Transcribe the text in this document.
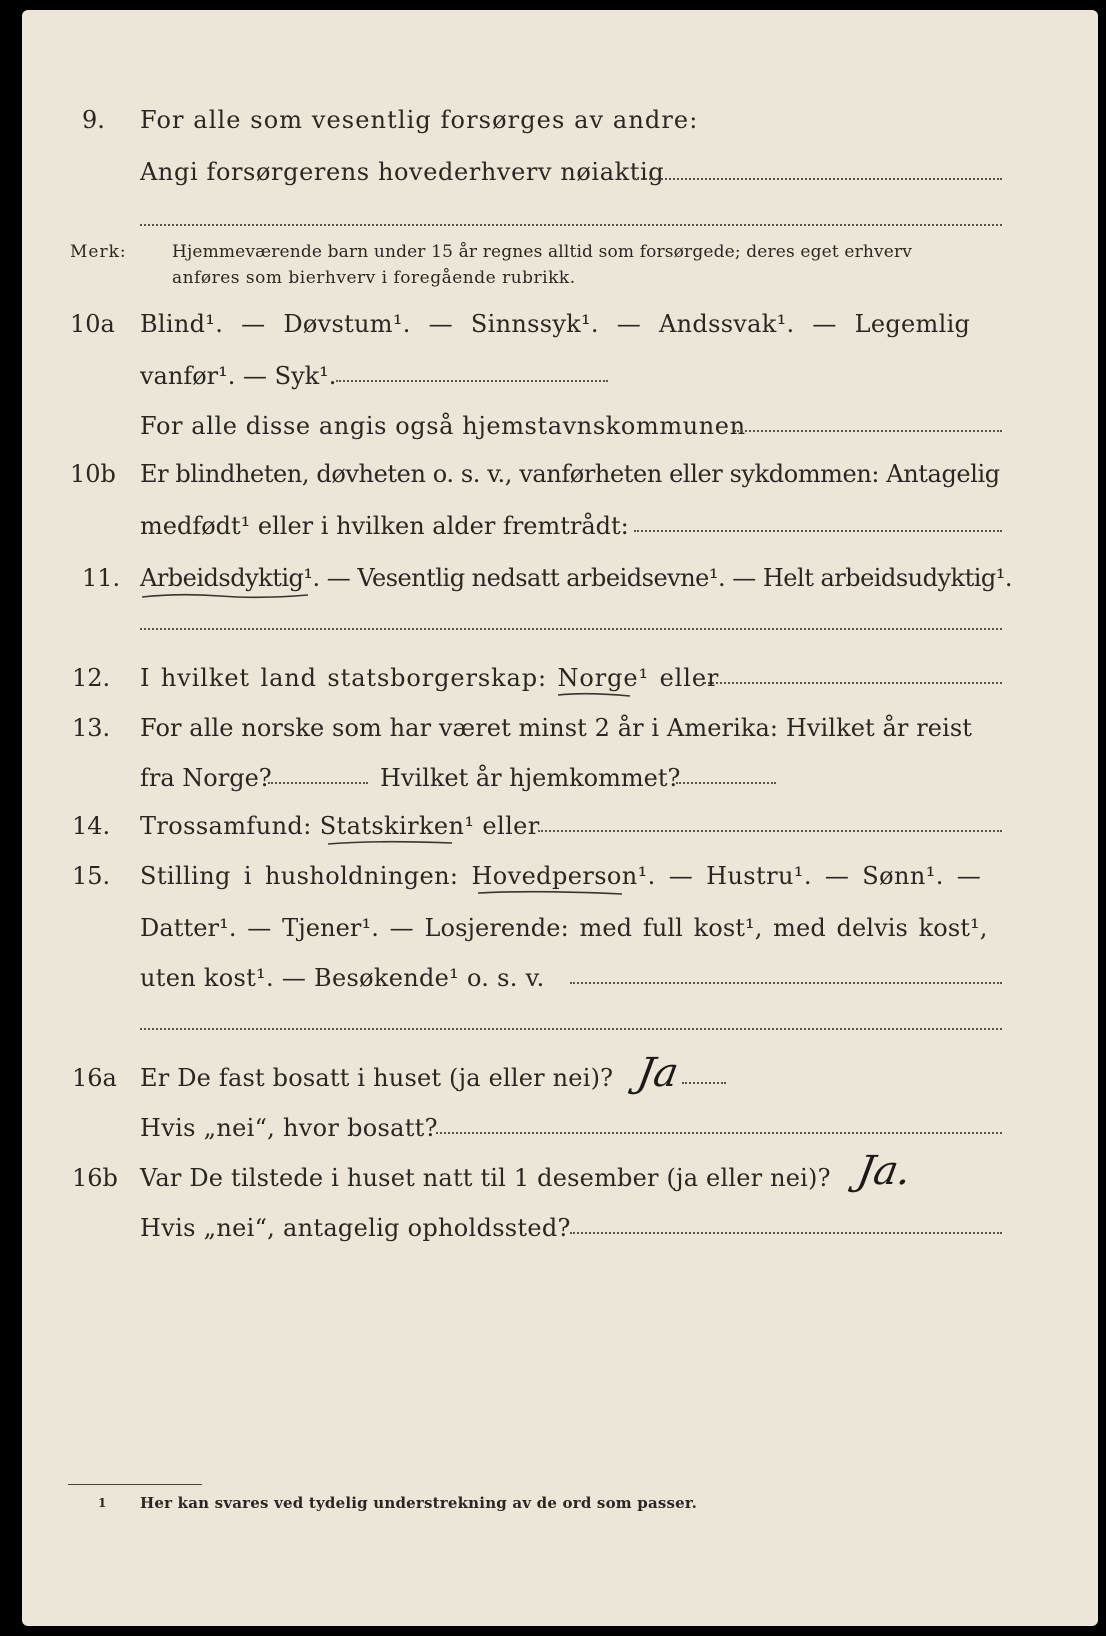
9. For alle som vesentlig forsørges av andre:
Angi forsørgerens hovederhverv nøiaktig
Merk:	Hjemmeværende barn under 15 år regnes alltid som forsørgede; deres eget erhverv
anføres som bierhverv i foregående rubrikk.
10a Blind¹. — Døvstum¹. — Sinnssyk¹. — Andssvak¹. — Legemlig
vanfør¹. — Syk¹.
For alle disse angis også hjemstavnskommunen
10b Er blindheten, døvheten o. s. v., vanførheten eller sykdommen: Antagelig
medfødt¹ eller i hvilken alder fremtrådt:
11. Arbeidsdyktig¹. — Vesentlig nedsatt arbeidsevne¹. — Helt arbeidsudyktig¹.
12. I hvilket land statsborgerskap: Norge¹ eller
13. For alle norske som har været minst 2 år i Amerika: Hvilket år reist
fra Norge?	Hvilket år hjemkommet?
14. Trossamfund: Statskirken¹ eller
15. Stilling i husholdningen: Hovedperson¹. — Hustru¹. — Sønn¹. —
Datter¹. — Tjener¹. — Losjerende: med full kost¹, med delvis kost¹,
uten kost¹. — Besøkende¹ o. s. v.
16a Er De fast bosatt i huset (ja eller nei)? Ja
Hvis „nei“, hvor bosatt?
16b Var De tilstede i huset natt til 1 desember (ja eller nei)? Ja.
Hvis „nei“, antagelig opholdssted?
1 Her kan svares ved tydelig understrekning av de ord som passer.
